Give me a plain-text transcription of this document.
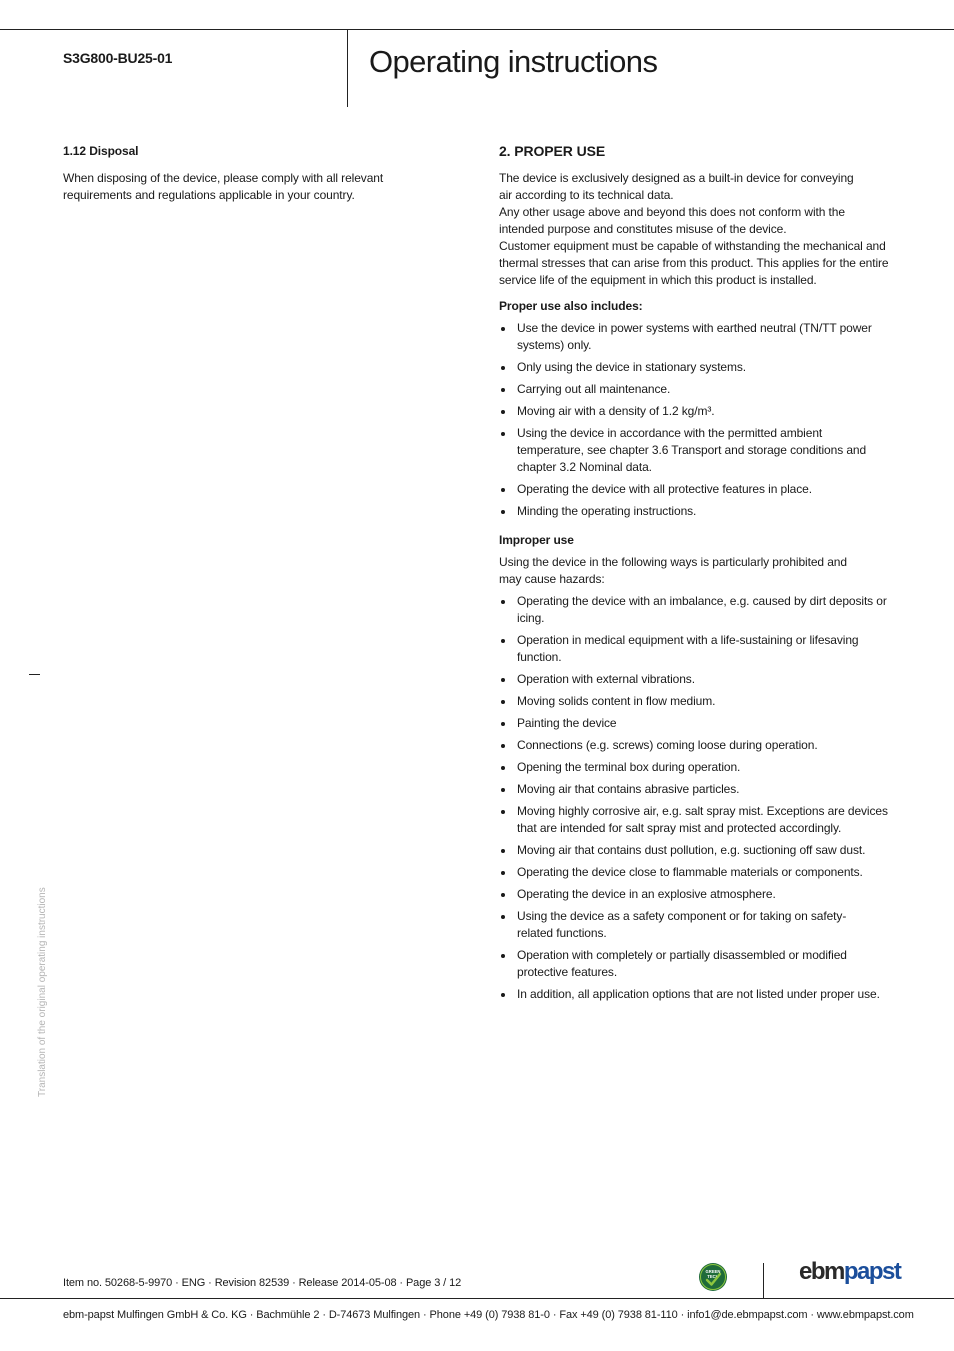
S3G800-BU25-01	Operating instructions
1.12 Disposal

When disposing of the device, please comply with all relevant requirements and regulations applicable in your country.

2. PROPER USE

The device is exclusively designed as a built-in device for conveying air according to its technical data.

Any other usage above and beyond this does not conform with the intended purpose and constitutes misuse of the device.

Customer equipment must be capable of withstanding the mechanical and thermal stresses that can arise from this product. This applies for the entire service life of the equipment in which this product is installed.

Proper use also includes:
Use the device in power systems with earthed neutral (TN/TT power systems) only.
Only using the device in stationary systems.
Carrying out all maintenance.
Moving air with a density of 1.2 kg/m³.
Using the device in accordance with the permitted ambient temperature, see chapter 3.6 Transport and storage conditions and chapter 3.2 Nominal data.
Operating the device with all protective features in place.
Minding the operating instructions.
Improper use

Using the device in the following ways is particularly prohibited and may cause hazards:

Operating the device with an imbalance, e.g. caused by dirt deposits or icing.
Operation in medical equipment with a life-sustaining or lifesaving function.
Operation with external vibrations.
Moving solids content in flow medium.
Painting the device
Connections (e.g. screws) coming loose during operation.
Opening the terminal box during operation.
Moving air that contains abrasive particles.
Moving highly corrosive air, e.g. salt spray mist. Exceptions are devices that are intended for salt spray mist and protected accordingly.
Moving air that contains dust pollution, e.g. suctioning off saw dust.
Operating the device close to flammable materials or components.
Operating the device in an explosive atmosphere.
Using the device as a safety component or for taking on safety-related functions.
Operation with completely or partially disassembled or modified protective features.
In addition, all application options that are not listed under proper use.
Translation of the original operating instructions
Item no. 50268-5-9970 · ENG · Revision 82539 · Release 2014-05-08 · Page 3 / 12
GREEN
TECH	ebmpapst
ebm-papst Mulfingen GmbH & Co. KG · Bachmühle 2 · D-74673 Mulfingen · Phone +49 (0) 7938 81-0 · Fax +49 (0) 7938 81-110 · info1@de.ebmpapst.com · www.ebmpapst.com
